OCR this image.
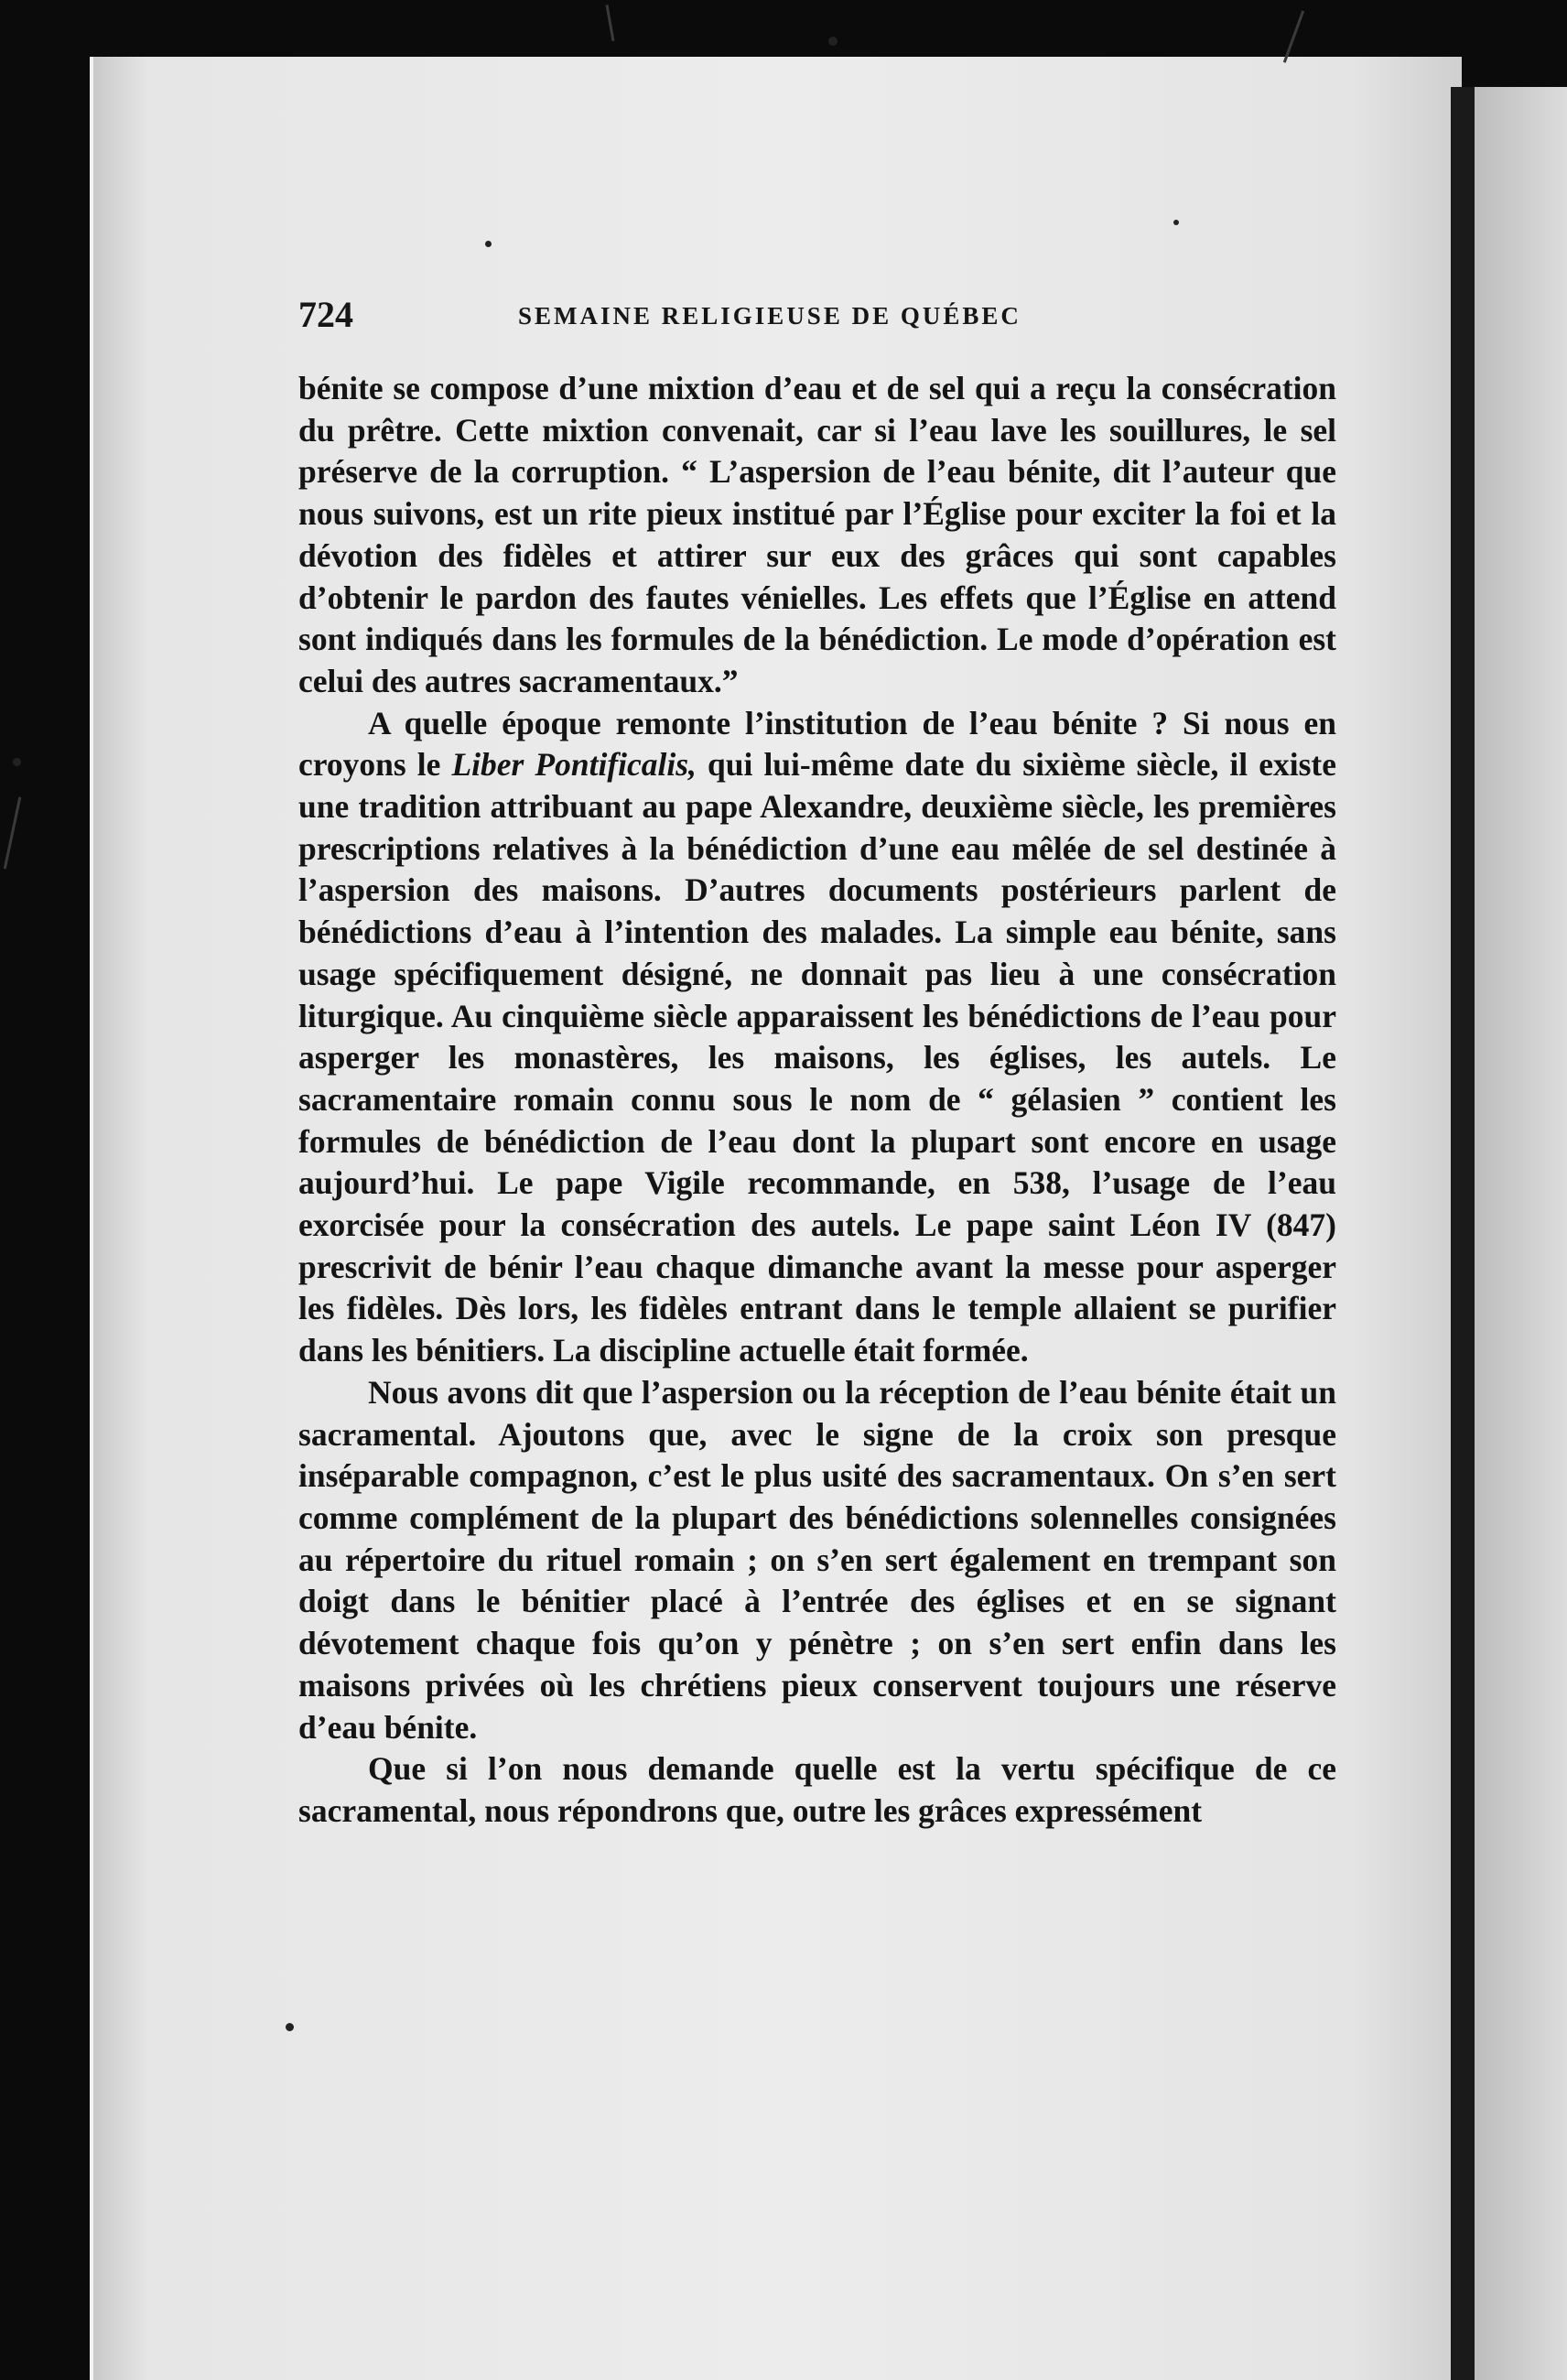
724	SEMAINE RELIGIEUSE DE QUÉBEC

bénite se compose d’une mixtion d’eau et de sel qui a reçu la consécration du prêtre. Cette mixtion convenait, car si l’eau lave les souillures, le sel préserve de la corruption. “ L’aspersion de l’eau bénite, dit l’auteur que nous suivons, est un rite pieux institué par l’Église pour exciter la foi et la dévotion des fidèles et attirer sur eux des grâces qui sont capables d’obtenir le pardon des fautes vénielles. Les effets que l’Église en attend sont indiqués dans les formules de la bénédiction. Le mode d’opération est celui des autres sacramentaux.”

A quelle époque remonte l’institution de l’eau bénite ? Si nous en croyons le Liber Pontificalis, qui lui-même date du sixième siècle, il existe une tradition attribuant au pape Alexandre, deuxième siècle, les premières prescriptions relatives à la bénédiction d’une eau mêlée de sel destinée à l’aspersion des maisons. D’autres documents postérieurs parlent de bénédictions d’eau à l’intention des malades. La simple eau bénite, sans usage spécifiquement désigné, ne donnait pas lieu à une consécration liturgique. Au cinquième siècle apparaissent les bénédictions de l’eau pour asperger les monastères, les maisons, les églises, les autels. Le sacramentaire romain connu sous le nom de “ gélasien ” contient les formules de bénédiction de l’eau dont la plupart sont encore en usage aujourd’hui. Le pape Vigile recommande, en 538, l’usage de l’eau exorcisée pour la consécration des autels. Le pape saint Léon IV (847) prescrivit de bénir l’eau chaque dimanche avant la messe pour asperger les fidèles. Dès lors, les fidèles entrant dans le temple allaient se purifier dans les bénitiers. La discipline actuelle était formée.

Nous avons dit que l’aspersion ou la réception de l’eau bénite était un sacramental. Ajoutons que, avec le signe de la croix son presque inséparable compagnon, c’est le plus usité des sacramentaux. On s’en sert comme complément de la plupart des bénédictions solennelles consignées au répertoire du rituel romain ; on s’en sert également en trempant son doigt dans le bénitier placé à l’entrée des églises et en se signant dévotement chaque fois qu’on y pénètre ; on s’en sert enfin dans les maisons privées où les chrétiens pieux conservent toujours une réserve d’eau bénite.

Que si l’on nous demande quelle est la vertu spécifique de ce sacramental, nous répondrons que, outre les grâces expressément
